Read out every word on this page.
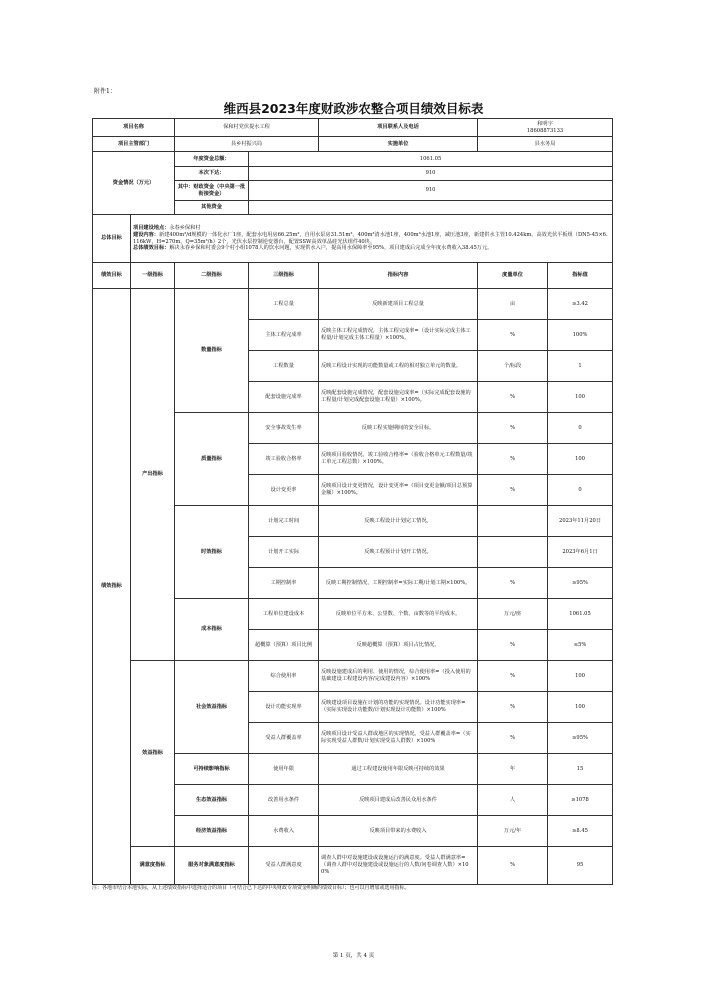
附件1：
维西县2023年度财政涉农整合项目绩效目标表
项目名称		保和村党伏提水工程		项目联系人及电话	和明宇
18608873133	

项目主管部门		县乡村振兴局		实施单位	县水务局	
资金情况（万元）		年度资金总额：	1061.05			
		本次下达：	910			
		其中：财政资金（中央第一批衔接资金）	910			
		其他资金				
总体目标	项目建设地点：永春乡保和村

建设内容：新建400m³/d规模的一体化水厂1座，配套水电用房66.25m²，自用水泵房31.51m²，400m³清水池1座，400m³水池1座，减压池3座，新建供水主管10.424km，高效光伏平板组（DN5-45×6.116kW，H=270m，Q=35m³/h）2个，光伏水泵控制逆变器台，配置SSW高效单晶硅光伏组件40块。

总体绩效目标：解决永春乡保和村委会9个村小组1078人的饮水问题，实现供水入户，提高用水保障率至95%，项目建成后完成全年度水费收入38.45万元。					

绩效目标	一级指标	二级指标	三级指标	指标内容	度量单位	指标值
绩效指标	产出指标	数量指标	工程总量	反映新建项目工程总量	亩	≥3.42
			主体工程完成率	反映主体工程完成情况，主体工程完成率=（设计实际完成主体工程量/计划完成主体工程量）×100%。	%	100%
			工程数量	反映工程设计实现的功能数量或工程的相对独立单元的数量。	个/标段	1
			配套设施完成率	反映配套设施完成情况，配套设施完成率=（实际完成配套设施的工程量/计划完成配套设施工程量）×100%。	%	100
		质量指标	安全事故发生率	反映工程实施期间的安全目标。	%	0
			竣工验收合格率	反映项目验收情况，竣工验收合格率=（验收合格单元工程数量/竣工单元工程总数）×100%。	%	100
			设计变更率	反映项目设计变更情况，设计变更率=（项目变更金额/项目总预算金额）×100%。	%	0
		时效指标	计划完工时间	反映工程设计计划完工情况。		2023年11月20日
			计划开工实际	反映工程预计计划开工情况。		2023年6月1日
			工期控制率	反映工期控制情况，工期控制率=实际工期/计划工期×100%。	%	≥95%
		成本指标	工程单位建设成本	反映单位平方米、公里数、个数、亩数等的平均成本。	万元/座	1061.05
			超概算（预算）项目比例	反映超概算（预算）项目占比情况。	%	≤5%
	效益指标	社会效益指标	综合使用率	反映设施建成后的利用、使用的情况，综合使用率=（投入使用的基础建设工程建设内容/完成建设内容）×100%	%	100
			设计功能实现率	反映建设项目设施在计划的功能的实现情况。设计功能实现率=（实际实现设计功能数/计划实现设计功能数）×100%	%	100
			受益人群覆盖率	反映项目设计受益人群或地区的实现情况。受益人群覆盖率=（实际实现受益人群数/计划实现受益人群数）×100%	%	≥95%
		可持续影响指标	使用年限	通过工程建设使用年限反映可持续的效果	年	15
		生态效益指标	改善用水条件	反映项目建成后改善民众用水条件	人	≥1078
		经济效益指标	水费收入	反映项目带来的水费收入	万元/年	≥8.45
	满意度指标	服务对象满意度指标	受益人群满意度	调查人群中对设施建设或设施运行的满意度。受益人群满意率=（调查人群中对设施建设或设施运行的人数/问卷调查人数）×100%	%	95
注：各地市结合本地实际，从上述绩效指标中选择适合的项目（可结合已下达的中央财政专项资金明确的绩效目标）；也可以自增加或选用指标。
第 1 页，共 4 页
